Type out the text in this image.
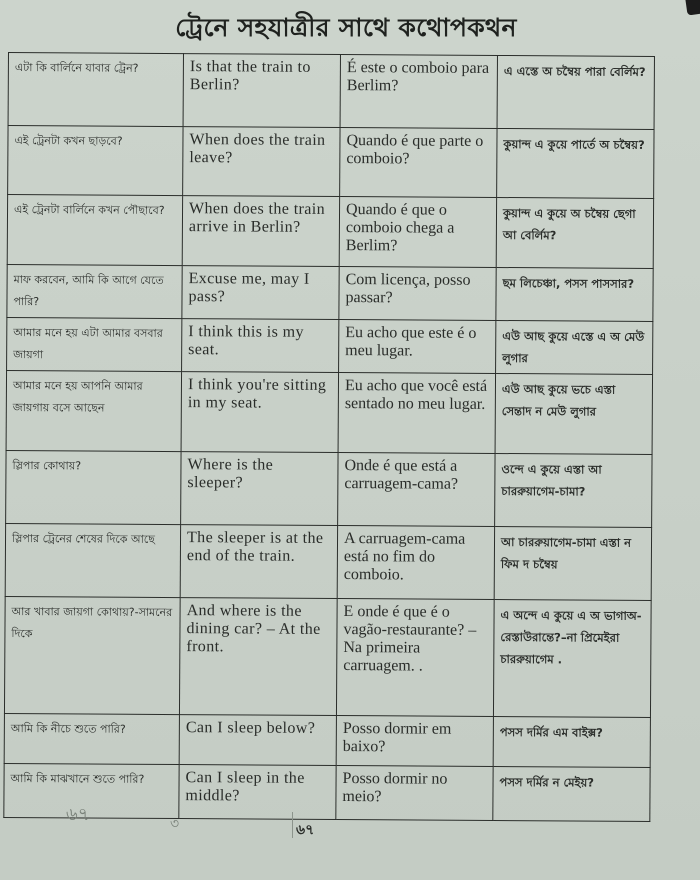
ট্রেনে সহযাত্রীর সাথে কথোপকথন
এটা কি বার্লিনে যাবার ট্রেন?	Is that the train to Berlin?	É este o comboio para Berlim?	এ এস্তে অ চম্বৈয় পারা বের্লিম?
এই ট্রেনটা কখন ছাড়বে?	When does the train leave?	Quando é que parte o comboio?	কুয়ান্দ এ কুয়ে পার্তে অ চম্বৈয়?
এই ট্রেনটা বার্লিনে কখন পৌছাবে?	When does the train arrive in Berlin?	Quando é que o comboio chega a Berlim?	কুয়ান্দ এ কুয়ে অ চম্বৈয় ছেগা আ বের্লিম?
মাফ করবেন, আমি কি আগে যেতে পারি?	Excuse me, may I pass?	Com licença, posso passar?	ছম লিচেঞ্চা, পসস পাসসার?
আমার মনে হয় এটা আমার বসবার জায়গা	I think this is my seat.	Eu acho que este é o meu lugar.	এউ আছ কুয়ে এস্তে এ অ মেউ লুগার
আমার মনে হয় আপনি আমার জায়গায় বসে আছেন	I think you're sitting in my seat.	Eu acho que você está sentado no meu lugar.	এউ আছ কুয়ে ভচে এস্তা সেন্তাদ ন মেউ লুগার
স্লিপার কোথায়?	Where is the sleeper?	Onde é que está a carruagem-cama?	ওন্দে এ কুয়ে এস্তা আ চাররুয়াগেম-চামা?
স্লিপার ট্রেনের শেষের দিকে আছে	The sleeper is at the end of the train.	A carruagem-cama está no fim do comboio.	আ চাররুয়াগেম-চামা এস্তা ন ফিম দ চম্বৈয়
আর খাবার জায়গা কোথায়?-সামনের দিকে	And where is the dining car? – At the front.	E onde é que é o vagão-restaurante? – Na primeira carruagem. .	এ অন্দে এ কুয়ে এ অ ভাগাঅ-রেস্তাউরান্তে?–না প্রিমেইরা চাররুয়াগেম .
আমি কি নীচে শুতে পারি?	Can I sleep below?	Posso dormir em baixo?	পসস দর্মির এম বাইক্স?
আমি কি মাঝখানে শুতে পারি?	Can I sleep in the middle?	Posso dormir no meio?	পসস দর্মির ন মেইয়?
৬৭	৩	৬৭
